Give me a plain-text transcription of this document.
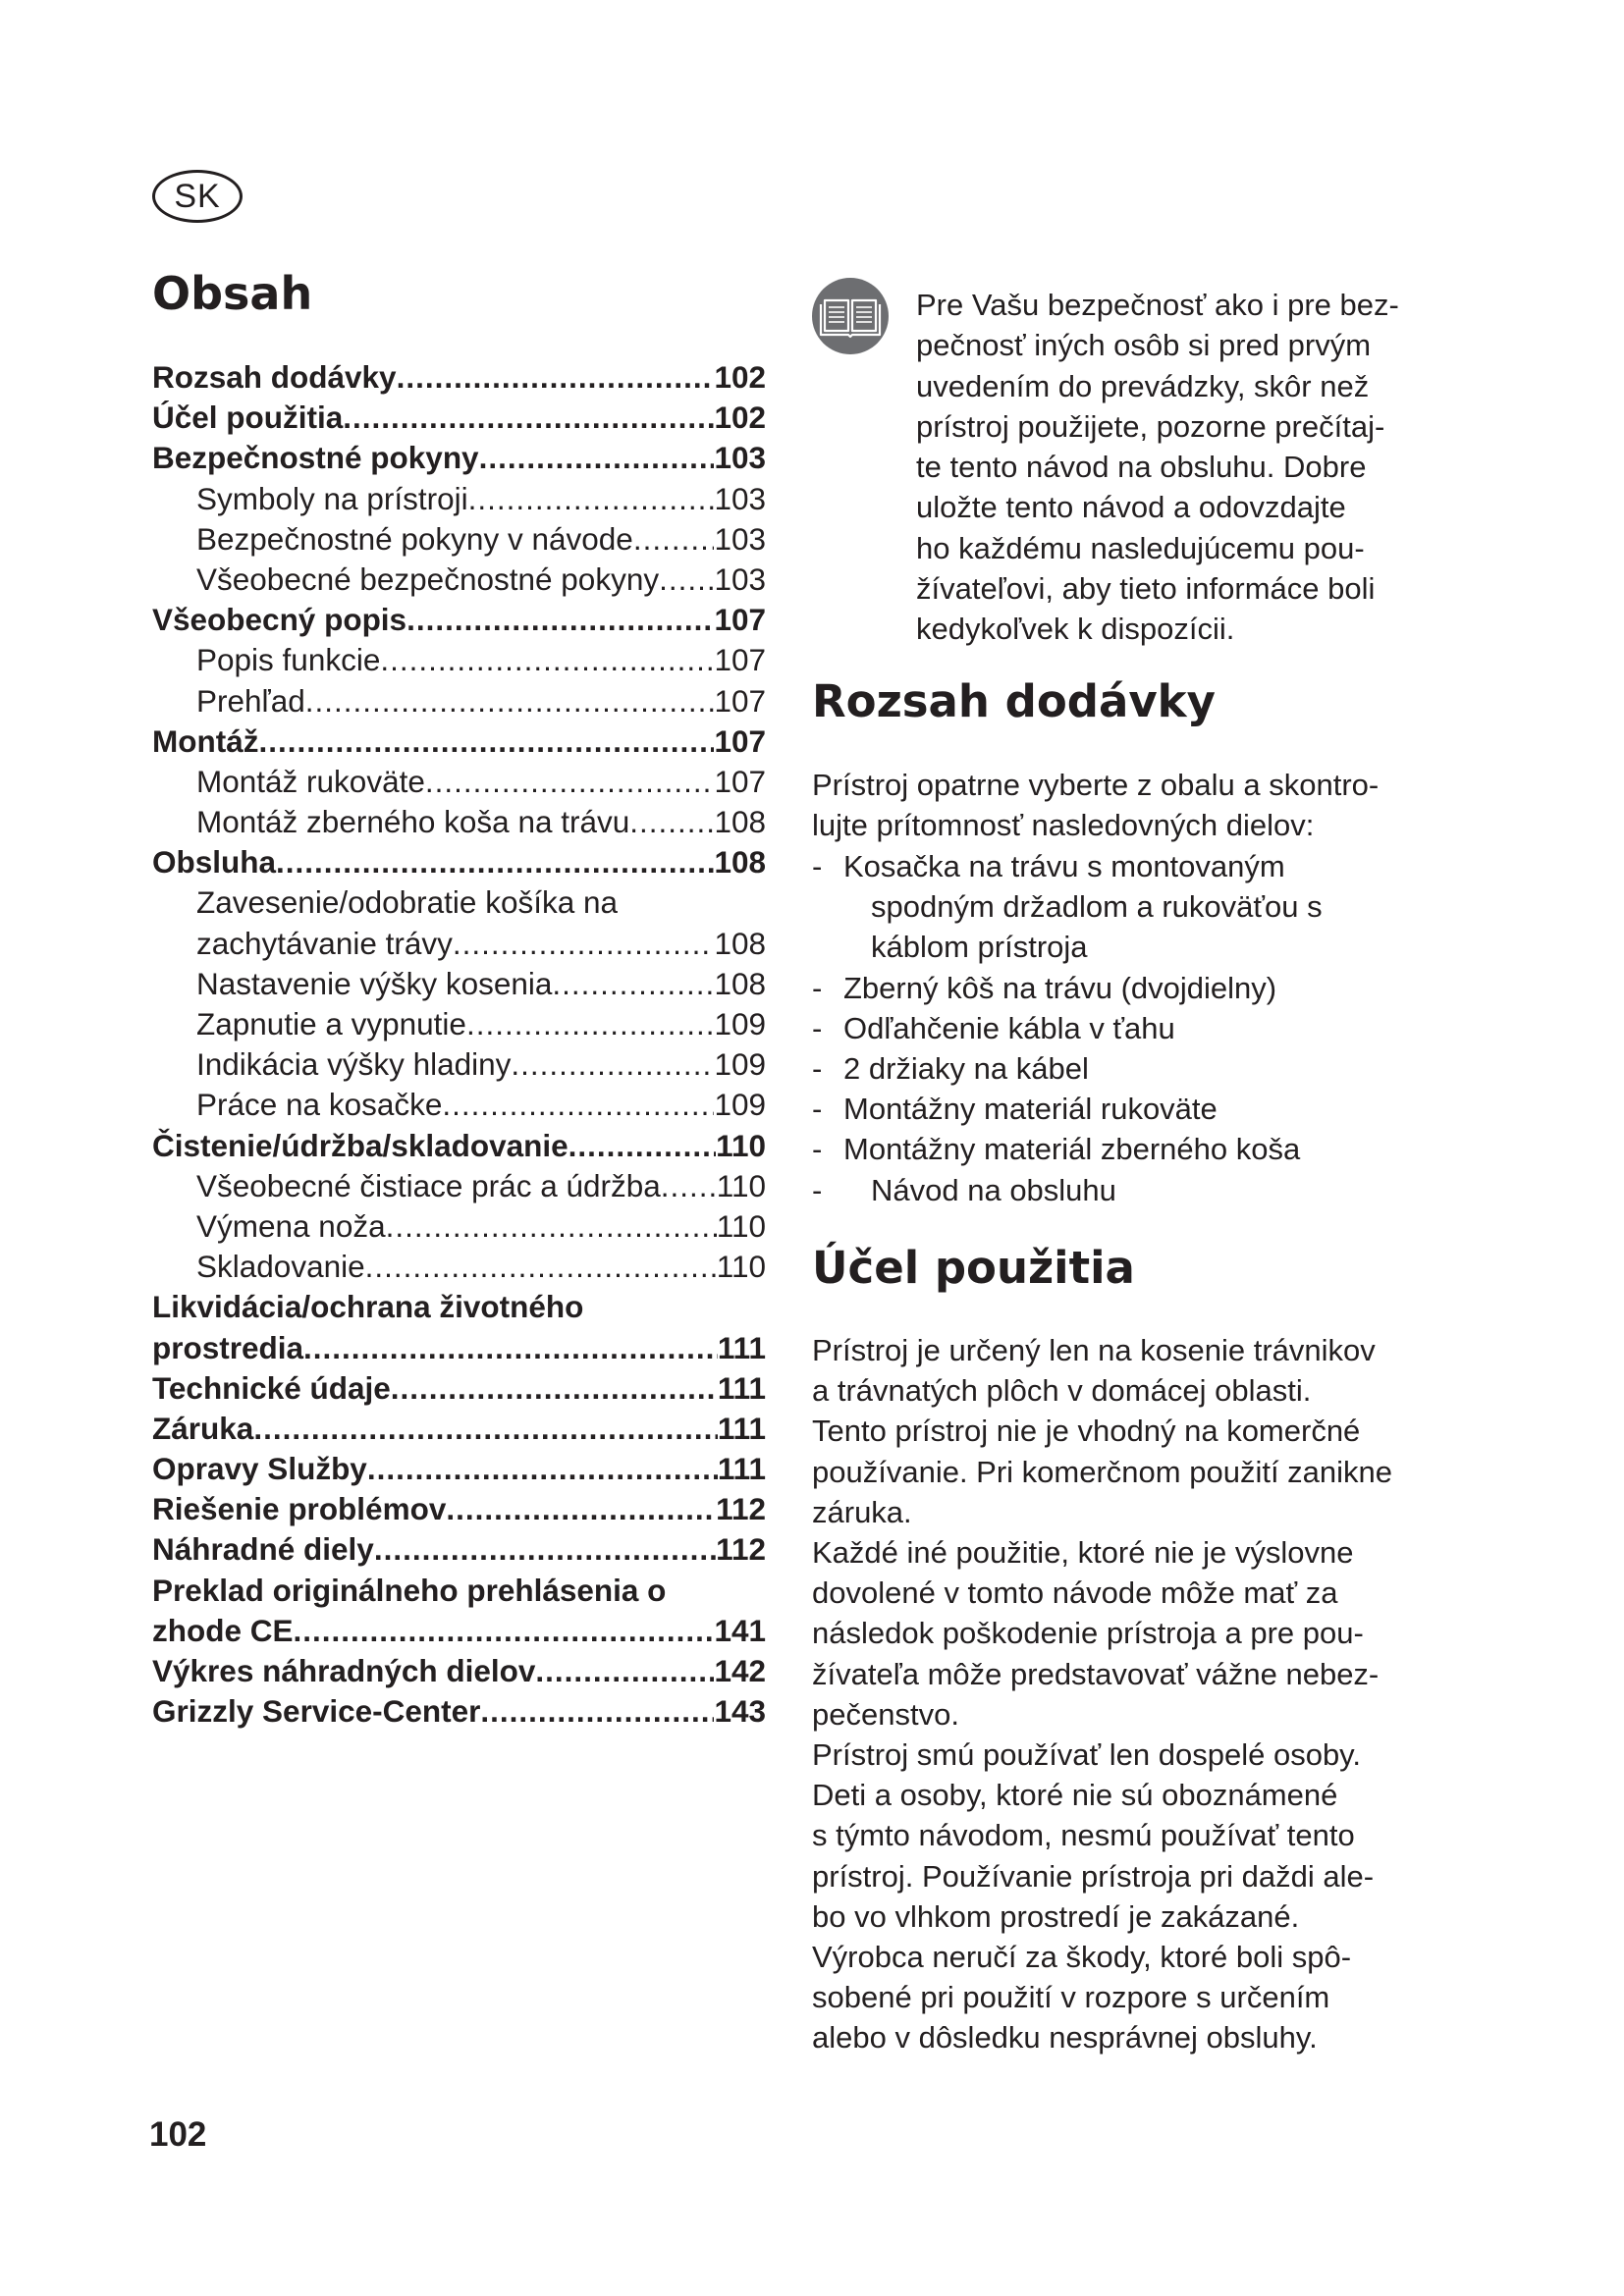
SK
Obsah
Rozsah dodávky .....	102
Účel použitia .....	102
Bezpečnostné pokyny .....	103
Symboly na prístroji .....	103
Bezpečnostné pokyny v návode .....	103
Všeobecné bezpečnostné pokyny ..... 103
Všeobecný popis .....	107
Popis funkcie .....	107
Prehľad .....	107
Montáž .....	107
Montáž rukoväte .....	107
Montáž zberného koša na trávu .....	108
Obsluha .....	108
Zavesenie/odobratie košíka na
zachytávanie trávy .....	108
Nastavenie výšky kosenia .....	108
Zapnutie a vypnutie .....	109
Indikácia výšky hladiny .....	109
Práce na kosačke .....	109
Čistenie/údržba/skladovanie .....	110
Všeobecné čistiace prác a údržba ..... 110
Výmena noža .....	110
Skladovanie .....	110
Likvidácia/ochrana životného
prostredia .....	111
Technické údaje .....	111
Záruka .....	111
Opravy Služby .....	111
Riešenie problémov .....	112
Náhradné diely .....	112
Preklad originálneho prehlásenia o
zhode CE .....	141
Výkres náhradných dielov .....	142
Grizzly Service-Center .....	143
102

Pre Vašu bezpečnosť ako i pre bez-
pečnosť iných osôb si pred prvým
uvedením do prevádzky, skôr než
prístroj použijete, pozorne prečítaj-
te tento návod na obsluhu. Dobre
uložte tento návod a odovzdajte
ho každému nasledujúcemu pou-
žívateľovi, aby tieto informáce boli
kedykoľvek k dispozícii.

Rozsah dodávky

Prístroj opatrne vyberte z obalu a skontro-
lujte prítomnosť nasledovných dielov:

- Kosačka na trávu s montovaným
spodným držadlom a rukoväťou s
káblom prístroja
- Zberný kôš na trávu (dvojdielny)
- Odľahčenie kábla v ťahu
- 2 držiaky na kábel
- Montážny materiál rukoväte
- Montážny materiál zberného koša
- Návod na obsluhu
Účel použitia

Prístroj je určený len na kosenie trávnikov
a trávnatých plôch v domácej oblasti.
Tento prístroj nie je vhodný na komerčné
používanie. Pri komerčnom použití zanikne
záruka.
Každé iné použitie, ktoré nie je výslovne
dovolené v tomto návode môže mať za
následok poškodenie prístroja a pre pou-
žívateľa môže predstavovať vážne nebez-
pečenstvo.
Prístroj smú používať len dospelé osoby.
Deti a osoby, ktoré nie sú oboznámené
s týmto návodom, nesmú používať tento
prístroj. Používanie prístroja pri daždi ale-
bo vo vlhkom prostredí je zakázané.
Výrobca neručí za škody, ktoré boli spô-
sobené pri použití v rozpore s určením
alebo v dôsledku nesprávnej obsluhy.
